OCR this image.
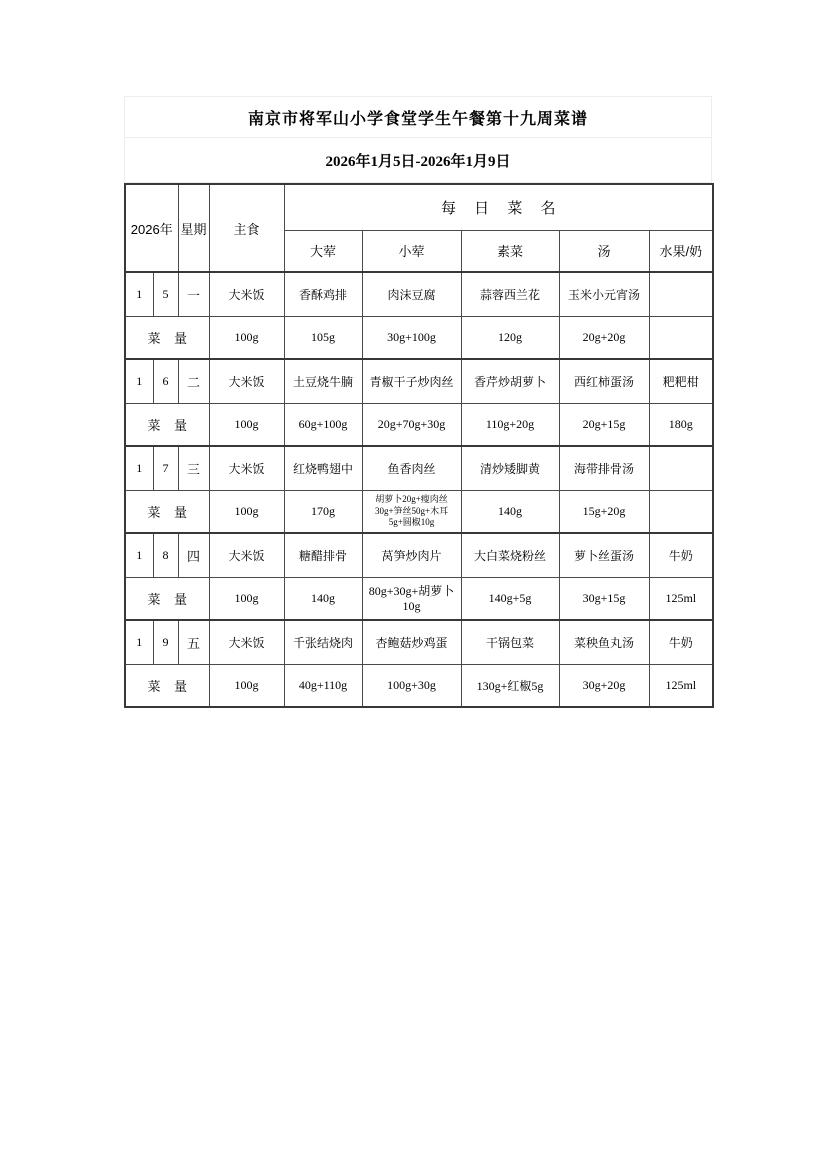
南京市将军山小学食堂学生午餐第十九周菜谱
2026年1月5日-2026年1月9日
2026年		星期	主食	每 日 菜 名				
				大荤	小荤	素菜	汤	水果/奶
1	5	一	大米饭	香酥鸡排	肉沫豆腐	蒜蓉西兰花	玉米小元宵汤	
菜 量			100g	105g	30g+100g	120g	20g+20g	
1	6	二	大米饭	土豆烧牛腩	青椒干子炒肉丝	香芹炒胡萝卜	西红柿蛋汤	粑粑柑
菜 量			100g	60g+100g	20g+70g+30g	110g+20g	20g+15g	180g
1	7	三	大米饭	红烧鸭翅中	鱼香肉丝	清炒矮脚黄	海带排骨汤	
菜 量			100g	170g	胡萝卜20g+瘦肉丝30g+笋丝50g+木耳5g+圆椒10g	140g	15g+20g	
1	8	四	大米饭	糖醋排骨	莴笋炒肉片	大白菜烧粉丝	萝卜丝蛋汤	牛奶
菜 量			100g	140g	80g+30g+胡萝卜10g	140g+5g	30g+15g	125ml
1	9	五	大米饭	千张结烧肉	杏鲍菇炒鸡蛋	干锅包菜	菜秧鱼丸汤	牛奶
菜 量			100g	40g+110g	100g+30g	130g+红椒5g	30g+20g	125ml
